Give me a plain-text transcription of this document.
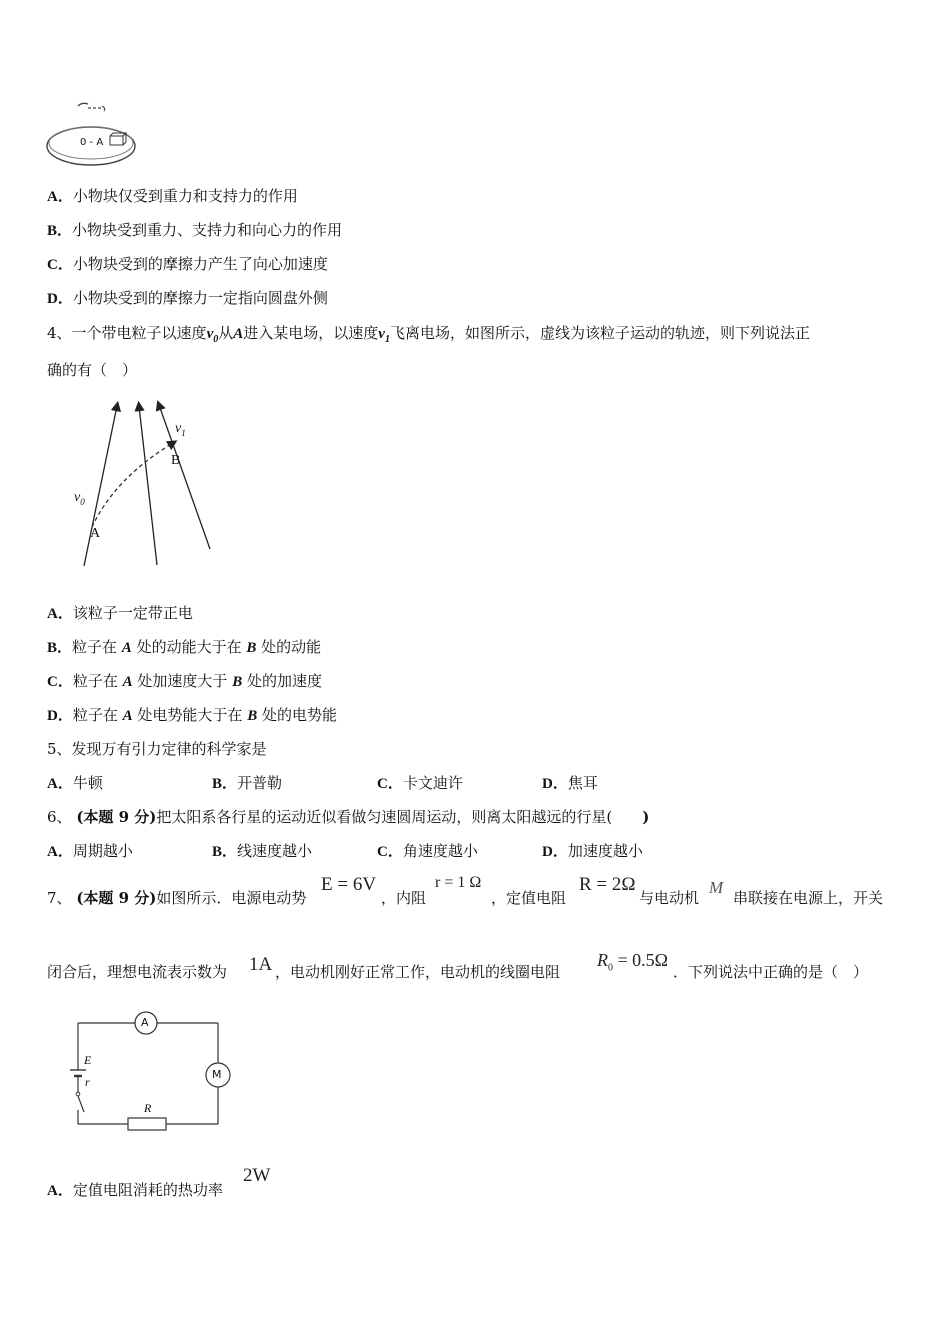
0 - A
A．小物块仅受到重力和支持力的作用
B．小物块受到重力、支持力和向心力的作用
C．小物块受到的摩擦力产生了向心加速度
D．小物块受到的摩擦力一定指向圆盘外侧
4、一个带电粒子以速度$v_0$从A进入某电场，以速度$v_1$飞离电场，如图所示，虚线为该粒子运动的轨迹，则下列说法正
确的有（　）
$v_1$
B
$v_0$
A
A．该粒子一定带正电
B．粒子在 A 处的动能大于在 B 处的动能
C．粒子在 A 处加速度大于 B 处的加速度
D．粒子在 A 处电势能大于在 B 处的电势能
5、发现万有引力定律的科学家是
A．牛顿	B．开普勒	C．卡文迪许	D．焦耳
6、 (本题 9 分)把太阳系各行星的运动近似看做匀速圆周运动，则离太阳越远的行星( )
A．周期越小	B．线速度越小	C．角速度越小	D．加速度越小
7、 (本题 9 分)如图所示．电源电动势
E = 6V
，内阻
r = 1 Ω
，定值电阻
R = 2Ω
与电动机
M
串联接在电源上，开关
闭合后，理想电流表示数为 1A ，电动机刚好正常工作，电动机的线圈电阻
$R_0 = 0.5\Omega$
．下列说法中正确的是（　）
A
M
E
r
R
A．定值电阻消耗的热功率
2W
